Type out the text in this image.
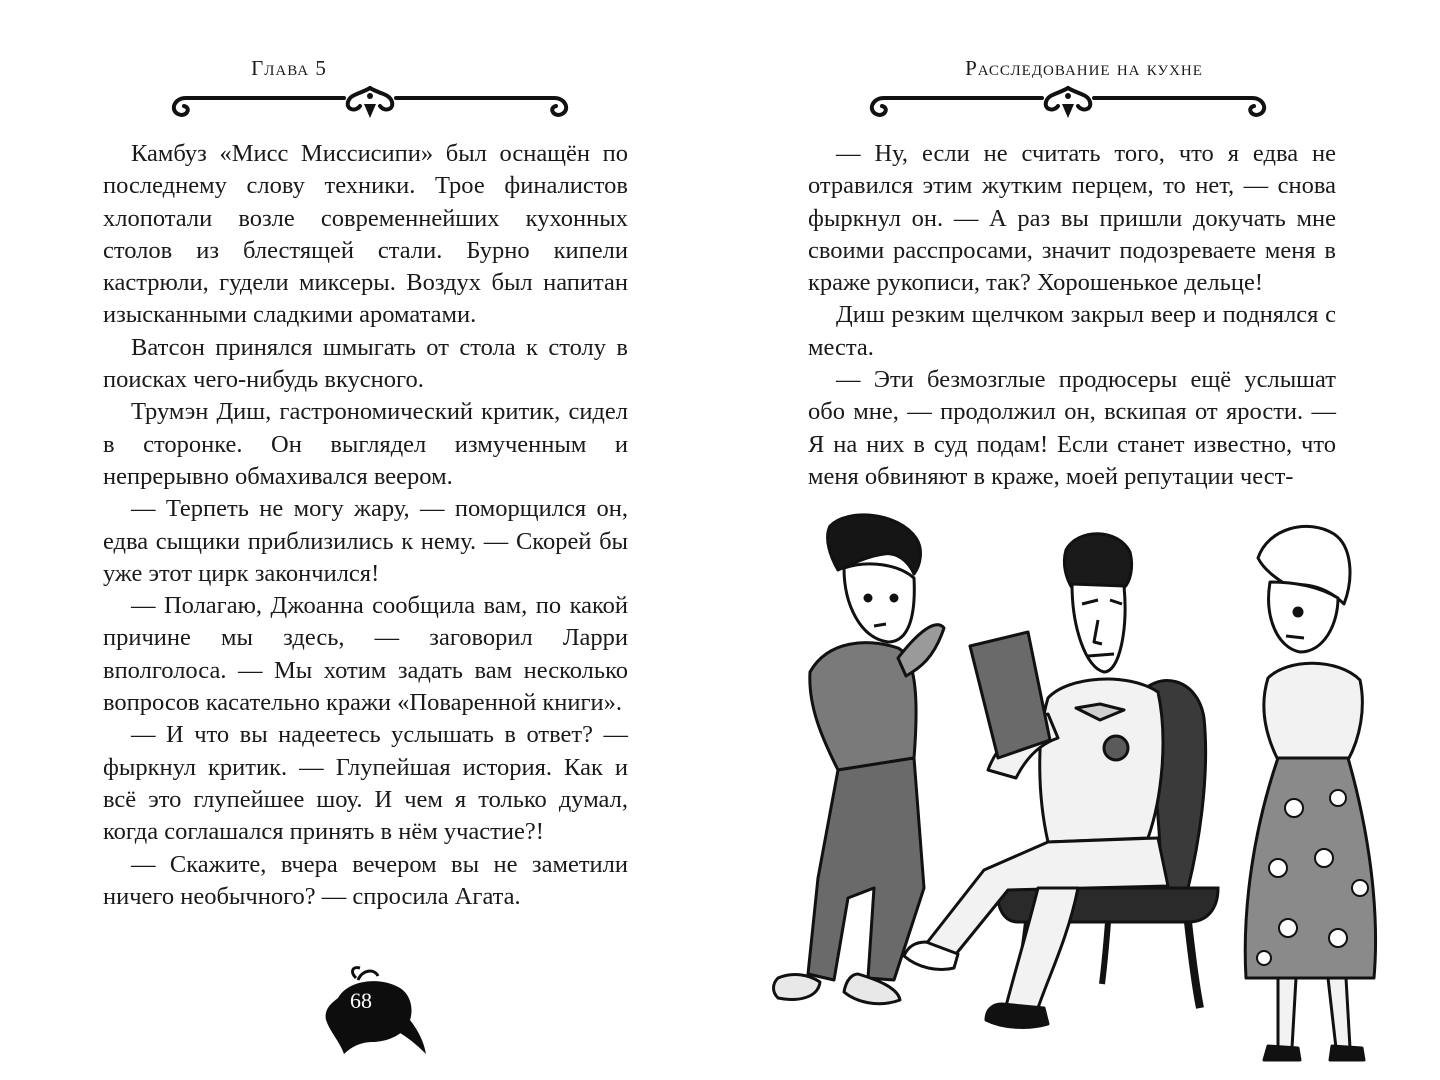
Глава 5

Камбуз «Мисс Миссисипи» был оснащён по последнему слову техники. Трое финалистов хлопотали возле современнейших кухонных столов из блестящей стали. Бурно кипели кастрюли, гудели миксеры. Воздух был напитан изысканными сладкими ароматами.

Ватсон принялся шмыгать от стола к столу в поисках чего-нибудь вкусного.

Трумэн Диш, гастрономический критик, сидел в сторонке. Он выглядел измученным и непрерывно обмахивался веером.

— Терпеть не могу жару, — поморщился он, едва сыщики приблизились к нему. — Скорей бы уже этот цирк закончился!

— Полагаю, Джоанна сообщила вам, по какой причине мы здесь, — заговорил Ларри вполголоса. — Мы хотим задать вам несколько вопросов касательно кражи «Поваренной книги».

— И что вы надеетесь услышать в ответ? — фыркнул критик. — Глупейшая история. Как и всё это глупейшее шоу. И чем я только думал, когда соглашался принять в нём участие?!

— Скажите, вчера вечером вы не заметили ничего необычного? — спросила Агата.

68
Расследование на кухне

— Ну, если не считать того, что я едва не отравился этим жутким перцем, то нет, — снова фыркнул он. — А раз вы пришли докучать мне своими расспросами, значит подозреваете меня в краже рукописи, так? Хорошенькое дельце!

Диш резким щелчком закрыл веер и поднялся с места.

— Эти безмозглые продюсеры ещё услышат обо мне, — продолжил он, вскипая от ярости. — Я на них в суд подам! Если станет известно, что меня обвиняют в краже, моей репутации чест-
